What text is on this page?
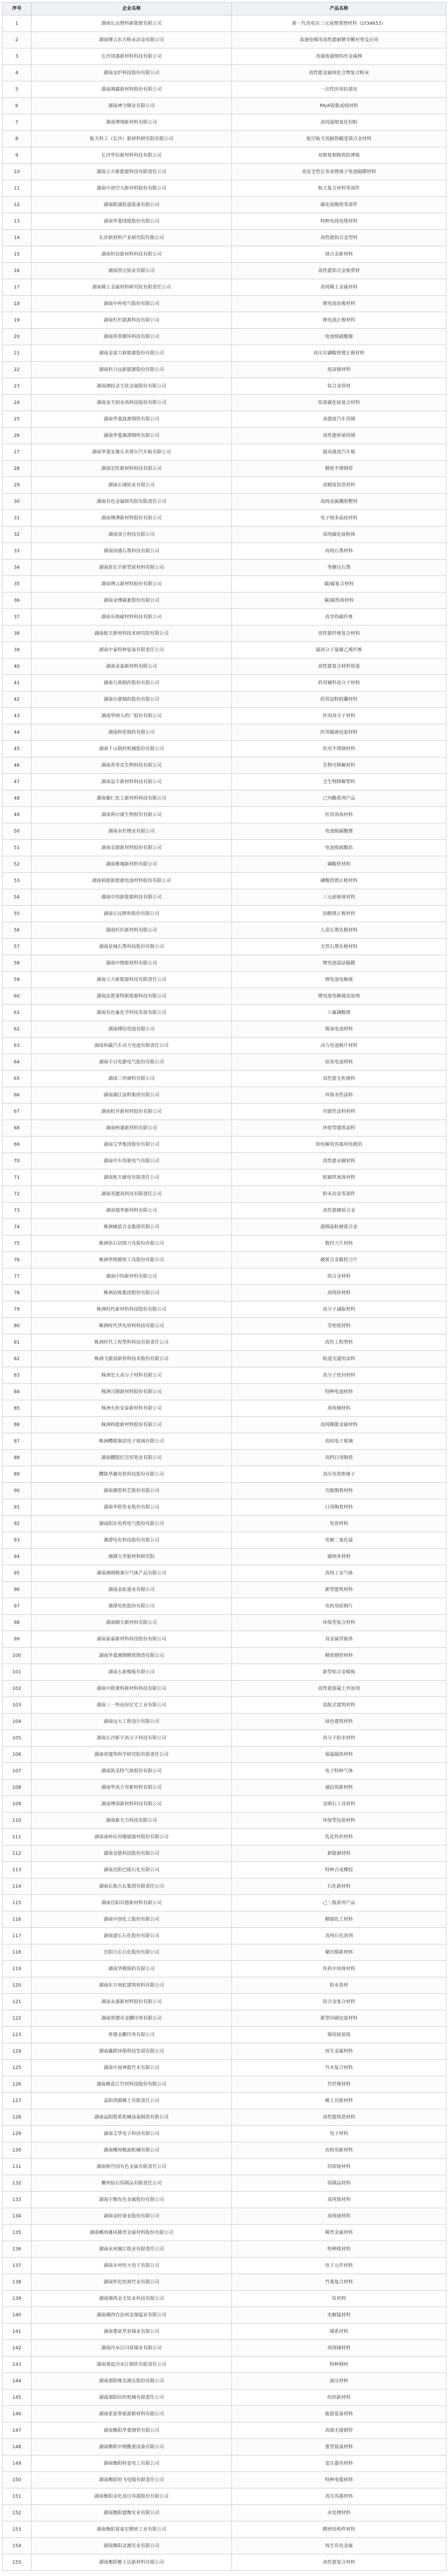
序号	企业名称	产品名称
1	湖南长远锂科新能源有限公司	新一代高电压三元成锂基锂材料（LY34653）
2	湖南博云东方粉末冶金有限公司	高速电梯用高性能耐磨导靴衬垫及应用
3	长沙顶盛新材料科技有限公司	高强度超细钨丝金属棒
4	湖南金炉科技股份有限公司	高性能金属间化合物复合粉末
5	湖南湘鑫新材料股份有限公司	一次性医用抗菌布
6	湖南神力铜业有限公司	PA/A银集成线材料
7	湖南博翔新材料有限公司	高纯超细氧化铝粉
8	航天科工（长沙）新材料研究院有限公司	航空航天用耐热蠕变镁合金材料
9	长沙华信新材料科技有限公司	双相复相陶瓷防弹板
10	湖南立方新能源科技有限责任公司	高安全性长寿命锂离子电池隔膜材料
11	湖南中创空天新材料股份有限公司	航天复合材料零部件
12	湖南联诚轨道装备有限公司	碳化硅陶瓷零部件
13	湖南华菱线缆股份有限公司	特种电线电缆材料
14	长沙新材料产业研究院有限公司	高性能铝合金型材
15	湖南恒信新材料科技有限公司	镁合金新材料
16	湖南创元铝业有限公司	高性能铝合金板带材
17	湖南稀土金属材料研究院有限责任公司	高纯稀土金属材料
18	湖南中科电气股份有限公司	锂电池负极材料
19	湖南杉杉能源科技有限公司	锂电池正极材料
20	湖南邦普循环科技有限公司	电池级硫酸镍
21	湖南金富力新能源股份有限公司	高压实磷酸铁锂正极材料
22	湖南科力远新能源股份有限公司	泡沫镍材料
23	湖南湘投金天钛金属股份有限公司	钛合金管材
24	湖南金天铝业高科技股份有限公司	铝基碳化硅复合材料
25	湖南华菱涟源钢铁有限公司	高强度汽车用钢
26	湖南华菱湘潭钢铁有限公司	高性能桥梁用钢
27	湖南华菱安赛乐米塔尔汽车板有限公司	超高强度汽车板
28	湖南宏旺新材料科技有限公司	精密不锈钢带
29	湖南长城铝业有限公司	高精度铝箔材料
30	湖南有色金属研究院有限责任公司	高纯金属溅射靶材
31	湖南博溥新材料股份有限公司	电子级多晶硅材料
32	湖南顶立科技有限公司	高纯碳化硅粉体
33	湖南国盛石墨科技有限公司	高纯石墨材料
34	湖南省长宇新型炭材料有限公司	等静压石墨
35	湖南博云新材料股份有限公司	碳/碳复合材料
36	湖南金博碳素股份有限公司	碳/碳热场材料
37	湖南东映碳材料科技有限公司	高导热碳纤维
38	湖南航天新材料技术研究院有限公司	高性能纤维复合材料
39	湖南中泰特种装备有限责任公司	超高分子量聚乙烯纤维
40	湖南金泰新材料有限公司	高性能复合材料管道
41	湖南九典制药股份有限公司	药用辅料高分子材料
42	湖南尔康制药股份有限公司	药用淀粉胶囊材料
43	湖南华纳大药厂股份有限公司	医用高分子材料
44	湖南科伦制药有限公司	医用输液包装材料
45	湖南千山制药机械股份有限公司	医用不锈钢材料
46	湖南普菲克生物科技有限公司	生物可降解材料
47	湖南益丰新材料科技有限公司	全生物降解塑料
48	湖南聚仁化工新材料科技有限公司	己内酯系列产品
49	湖南利尔康生物股份有限公司	医用消毒材料
50	湖南永杉锂业有限公司	电池级碳酸锂
51	湖南金源新材料股份有限公司	电池级硫酸钴
52	湖南雅城新材料有限公司	磷酸铁材料
53	湖南裕能新能源电池材料股份有限公司	磷酸铁锂正极材料
54	湖南中伟新能源科技有限公司	三元前驱体材料
55	湖南长远锂科股份有限公司	钴酸锂正极材料
56	湖南杉杉新材料有限公司	人造石墨负极材料
57	湖南星城石墨科技股份有限公司	天然石墨负极材料
58	湖南中锂新材料有限公司	锂电池湿法隔膜
59	湖南立方新能源科技有限责任公司	锂电池电解液
60	湖南法恩莱特新能源科技有限公司	锂电池电解液添加剂
61	湖南有色氟化学科技发展有限公司	六氟磷酸锂
62	湖南博信电池有限公司	镍氢电池材料
63	湖南科霸汽车动力电池有限责任公司	动力电池极片材料
64	湖南丰日电源电气股份有限公司	铅炭电池材料
65	湖南三环颜料有限公司	高性能无机颜料
66	湖南湘江涂料集团有限公司	环保水性涂料
67	湖南松井新材料股份有限公司	功能性涂料材料
68	湖南柯盛新材料有限公司	环保型建筑涂料
69	湖南艾华集团股份有限公司	铝电解电容器用电极箔
70	湖南中车尚驱电气有限公司	高性能永磁材料
71	湖南航天磁电有限责任公司	软磁铁氧体材料
72	湖南英捷高科技有限责任公司	粉末冶金零部件
73	湖南瑞华新材料有限公司	高性能硬质合金
74	株洲硬质合金集团有限公司	超细晶粒硬质合金
75	株洲钻石切削刀具股份有限公司	数控刀片材料
76	株洲华锐精密工具股份有限公司	硬质合金数控刀片
77	湖南中钨新材料有限公司	钨合金材料
78	株洲冶炼集团股份有限公司	高纯锌材料
79	株洲时代新材料科技股份有限公司	高分子减振材料
80	株洲时代华先材料科技有限公司	芳纶纸材料
81	株洲时代工程塑料科技有限责任公司	改性工程塑料
82	株洲飞鹿高新材料技术股份有限公司	轨道交通用涂料
83	株洲宏大高分子材料有限公司	高分子密封材料
84	株洲兴隆新材料股份有限公司	特种电池材料
85	株洲火炬安泰新材料有限公司	高纯铟材料
86	株洲科能新材料股份有限公司	高纯稀散金属材料
87	株洲醴陵旗滨电子玻璃有限公司	高铝电子玻璃
88	湖南醴陵红官窑瓷业有限公司	高档日用陶瓷
89	醴陵华鑫电瓷科技股份有限公司	高压电瓷绝缘子
90	湖南湘瓷科艺股份有限公司	功能陶瓷材料
91	湖南华联瓷业股份有限公司	日用陶瓷材料
92	湖南阳东电瓷电气股份有限公司	电瓷材料
93	湘潭电化科技股份有限公司	电解二氧化锰
94	湘潭大学新材料研究院	碳纳米材料
95	湖南湘钢梅塞尔气体产品有限公司	高纯工业气体
96	湖南金拓置业有限公司	新型建筑材料
97	湘潭电机股份有限公司	电机用硅钢片
98	湖南顺天新材料有限公司	环保型复合材料
99	湖南泰嘉新材料科技股份有限公司	双金属带锯条
100	湖南华菱湘钢精密制造有限公司	精密钢管材料
101	湖南五新模板有限公司	新型铝合金模板
102	湖南中联重科新材料科技有限公司	高性能混凝土外加剂
103	湖南三一快而居住宅工业有限公司	装配式建筑材料
104	湖南远大工程设计有限公司	绿色建筑材料
105	湖南长沙新宇高分子科技有限公司	高分子防水材料
106	湖南省建筑科学研究院有限责任公司	保温隔热材料
107	湖南凯美特气体股份有限公司	电子特种气体
108	湖南华讯方舟新材料有限公司	通信用新材料
109	湖南博深新材料科技有限公司	金刚石工具材料
110	湖南新天力科技有限公司	环保型包装材料
111	湖南南岭民用爆破器材股份有限公司	乳化炸药材料
112	湖南金能科技股份有限公司	新能源材料
113	湖南岳阳巴陵石化有限公司	特种合成橡胶
114	湖南长炼兴长集团有限责任公司	石化新材料
115	湖南岳阳昌德新材料有限公司	己二胺系列产品
116	湖南中创化工股份有限公司	精细化工材料
117	湖南建长石化股份有限公司	高纯石化溶剂
118	岳阳兴长石化股份有限公司	聚丙烯新材料
119	湖南华腾制药有限公司	医药中间体材料
120	湖南东方雨虹建筑材料有限公司	防水卷材
121	湖南永盛新材料股份有限公司	铝合金复合材料
122	湖南常德市金鹏印务有限公司	新型印刷包装材料
123	常德金鹏印务有限公司	烟用接装纸
124	湖南鑫联环保科技发展有限公司	再生金属材料
125	湖南中南神箭竹木有限公司	竹木复合材料
126	湖南桃花江竹材科技股份有限公司	竹纤维材料
127	益阳鸿源稀土有限责任公司	稀土功能材料
128	湖南益阳胜希机械设备制造有限公司	高性能铸造材料
129	湖南艾华电子科技有限公司	电子材料
130	湖南郴州粮油机械有限公司	农机用新材料
131	湖南柿竹园有色金属有限责任公司	钨钼铋材料
132	郴州钻石钨制品有限责任公司	钨制品材料
133	湖南宇腾有色金属股份有限公司	高纯银材料
134	湖南金旺铋业股份有限公司	高纯铋材料
135	湖南郴州雄风稀贵金属材料股份有限公司	稀贵金属材料
136	湖南永州湘江纸业有限责任公司	特种纸材料
137	湖南永州恒大电子有限公司	电子元件材料
138	湖南怀化恒裕竹业有限公司	竹基复合材料
139	湖南湘西金天钛业科技有限公司	钛材料
140	湖南湘西自治州金瑞锰业有限公司	电解锰材料
141	湖南娄底华星锑业有限公司	锑系材料
142	湖南冷水江闪星锑业有限公司	高纯锑材料
143	湖南娄底冷水江钢铁有限责任公司	特种钢材
144	湖南邵阳维克液压股份有限公司	液压材料
145	湖南邵阳纺织机械有限责任公司	纺织新材料
146	湖南张家界旅游新材料有限公司	旅游装备材料
147	湖南衡阳华菱钢管有限公司	高端无缝钢管
148	湖南衡阳中钢衡重设备有限公司	重型装备材料
149	湖南衡阳特变电工有限公司	变压器用材料
150	湖南衡阳恒飞电缆有限责任公司	特种电缆材料
151	湖南衡阳金化高压容器股份有限公司	高压容器材料
152	湖南衡阳建衡实业有限公司	水处理材料
153	湖南衡阳富泰宏精密工业有限公司	精密结构件材料
154	湖南衡阳金源实业有限公司	再生有色金属
155	湖南衡阳雅士达新材料有限公司	高性能复合材料
